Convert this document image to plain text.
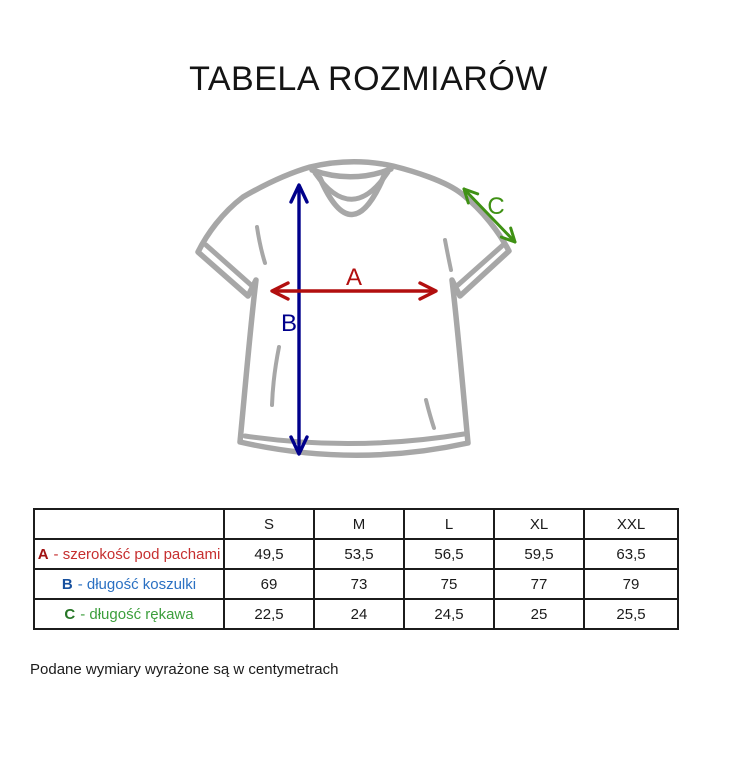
TABELA ROZMIARÓW
B
A
C
	S	M	L	XL	XXL
A - szerokość pod pachami	49,5	53,5	56,5	59,5	63,5
B - długość koszulki	69	73	75	77	79
C - długość rękawa	22,5	24	24,5	25	25,5
Podane wymiary wyrażone są w centymetrach
